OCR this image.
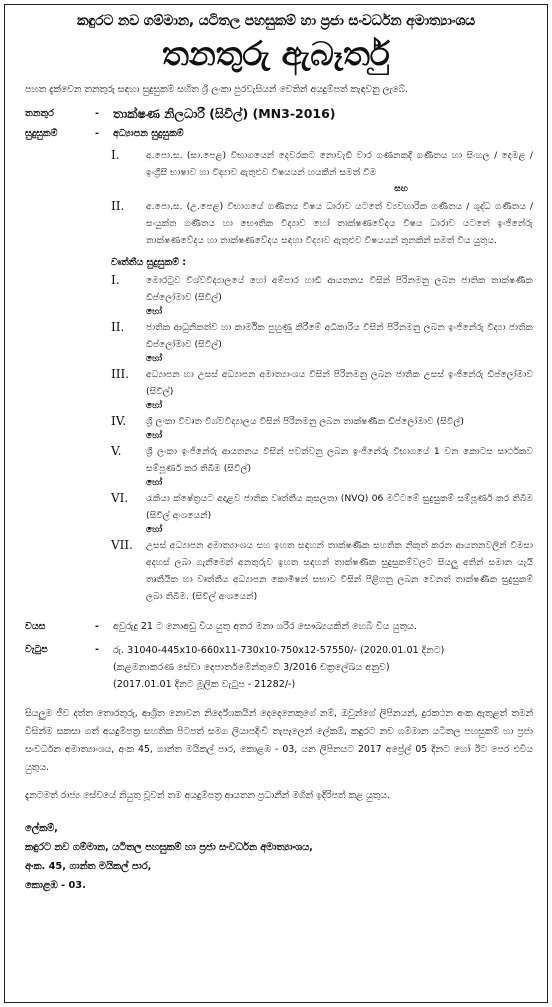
කඳුරට නව ගම්මාන, යටිතල පහසුකම් හා ප්‍රජා සංවර්ධන අමාත්‍යාංශය
තනතුරු ඇබෑර්තු
පහත දැක්වෙන තනතුරු සඳහා සුදුසුකම් සහිත ශ්‍රී ලංකා පුරවැසියන් වෙතින් අයදුම්පත් කැඳවනු ලැබේ.
තනතුර	-	තාක්ෂණ නිලධාරී (සිවිල්) (MN3-2016)
සුදුසුකම්	-	අධ්‍යාපන සුදුසුකම්
I.	අ.පො.ස. (සා.පෙළ) විභාගයෙන් දෙවරකට නොවැඩි වාර ගණනකදී ගණිතය හා සිංහල / දෙමළ / ඉංග්‍රීසි භාෂාව හා විද්‍යාව ඇතුළුව විෂයයන් හයකින් සමත් වීම
සහ
II.	අ.පො.ස. (උ.පෙළ) විභාගයේ ගණිතය විෂය ධාරාව යටතේ ව්‍යවහාරික ගණිතය / ශුද්ධ ගණිතය / සංයුක්ත ගණිතය හා භෞතික විද්‍යාව හෝ තාක්ෂණවේදය විෂය ධාරාව යටතේ ඉංජිනේරු තාක්ෂණවේදය හා තාක්ෂණවේදය සඳහා විද්‍යාව ඇතුළුව විෂයයන් තුනකින් සමත් විය යුතුය.
වෘත්තීය සුදුසුකම් :
I.	මොරටුව විශ්වවිද්‍යාලයේ හෝ අම්පාර හාඩි ආයතනය විසින් පිරිනමනු ලබන ජාතික තාක්ෂණික ඩිප්ලෝමාව (සිවිල්)
හෝ
II.	ජාතික ආධුනිකත්ව හා කාර්මික පුහුණු කිරීමේ අධිකාරිය විසින් පිරිනමනු ලබන ඉංජිනේරු විද්‍යා ජාතික ඩිප්ලෝමාව (සිවිල්)
හෝ
III.	අධ්‍යාපන හා උසස් අධ්‍යාපන අමාත්‍යාංශය විසින් පිරිනමනු ලබන ජාතික උසස් ඉංජිනේරු ඩිප්ලෝමාව (සිවිල්)
හෝ
IV.	ශ්‍රී ලංකා විවෘත විශ්වවිද්‍යාලය විසින් පිරිනමනු ලබන තාක්ෂණික ඩිප්ලෝමාව (සිවිල්)
හෝ
V.	ශ්‍රී ලංකා ඉංජිනේරු ආයතනය විසින් පවත්වනු ලබන ඉංජිනේරු විභාගයේ 1 වන කොටස සාර්ථකව සම්පූර්ණ කර තිබීම (සිවිල්)
හෝ
VI.	රැකියා ක්ෂේත්‍රයට අදාළව ජාතික වෘත්තීය කුසලතා (NVQ) 06 මට්ටමේ සුදුසුකම් සම්පූර්ණ කර තිබීම (සිවිල් අංශයෙන්)
හෝ
VII.	උසස් අධ්‍යාපන අමාත්‍යාංශය සහ ඉහත සඳහන් තාක්ෂණික සහතික නිකුත් කරන ආයතනවලින් විමසා අදහස් ලබා ගැනීමෙන් අනතුරුව ඉහත සඳහන් තාක්ෂණික සුදුසුකම්වලට සියලු අතින් සමාන යැයි තෘතීයික හා වෘත්තීය අධ්‍යාපන කොමිෂන් සභාව විසින් පිළිගනු ලබන වෙනත් තාක්ෂණික සුදුසුකම් ලබා තිබීම. (සිවිල් අංශයෙන්)
වයස	-	අවුරුදු 21 ට නොඅඩු විය යුතු අතර මනා ශරීර සෞඛ්‍යයකින් හෙබි විය යුතුය.
වැටුප	-	රු. 31040-445x10-660x11-730x10-750x12-57550/- (2020.01.01 දිනට)
(කළමනාකරණ සේවා දෙපාර්තමේන්තුවේ 3/2016 චක්‍රලේඛය අනුව)
(2017.01.01 දිනට මූලික වැටුප - 21282/-)
සියලුම ජීව දත්ත තොරතුරු, ආශ්‍රිත නොවන නිර්දේශකයින් දෙදෙනෙකුගේ නම්, ඔවුන්ගේ ලිපිනයන්, දුරකථන අංක ඇතුළත් තමන් විසින්ම සකසා ගත් අයදුම්පත්‍ර සහතික පිටපත් සමග ලියාපදිංචි තැපෑලෙන් ලේකම්, කඳුරට නව ගම්මාන යටිතල පහසුකම් හා ප්‍රජා සංවර්ධන අමාත්‍යාංශය, අංක 45, ගාන්ත මයිකල් පාර, කොළඹ - 03, යන ලිපිනයට 2017 අප්‍රේල් 05 දිනට හෝ ඊට පෙර එවිය යුතුය.
දැනටමත් රාජ්‍ය සේවයේ නියුතු වූවන් තම අයදුම්පත්‍ර ආයතන ප්‍රධානීන් මගින් ඉදිරිපත් කළ යුතුය.
ලේකම්,
කඳුරට නව ගම්මාන, යටිතල පහසුකම් හා ප්‍රජා සංවර්ධන අමාත්‍යාංශය,
අංක. 45, ගාන්ත මයිකල් පාර,
කොළඹ - 03.
